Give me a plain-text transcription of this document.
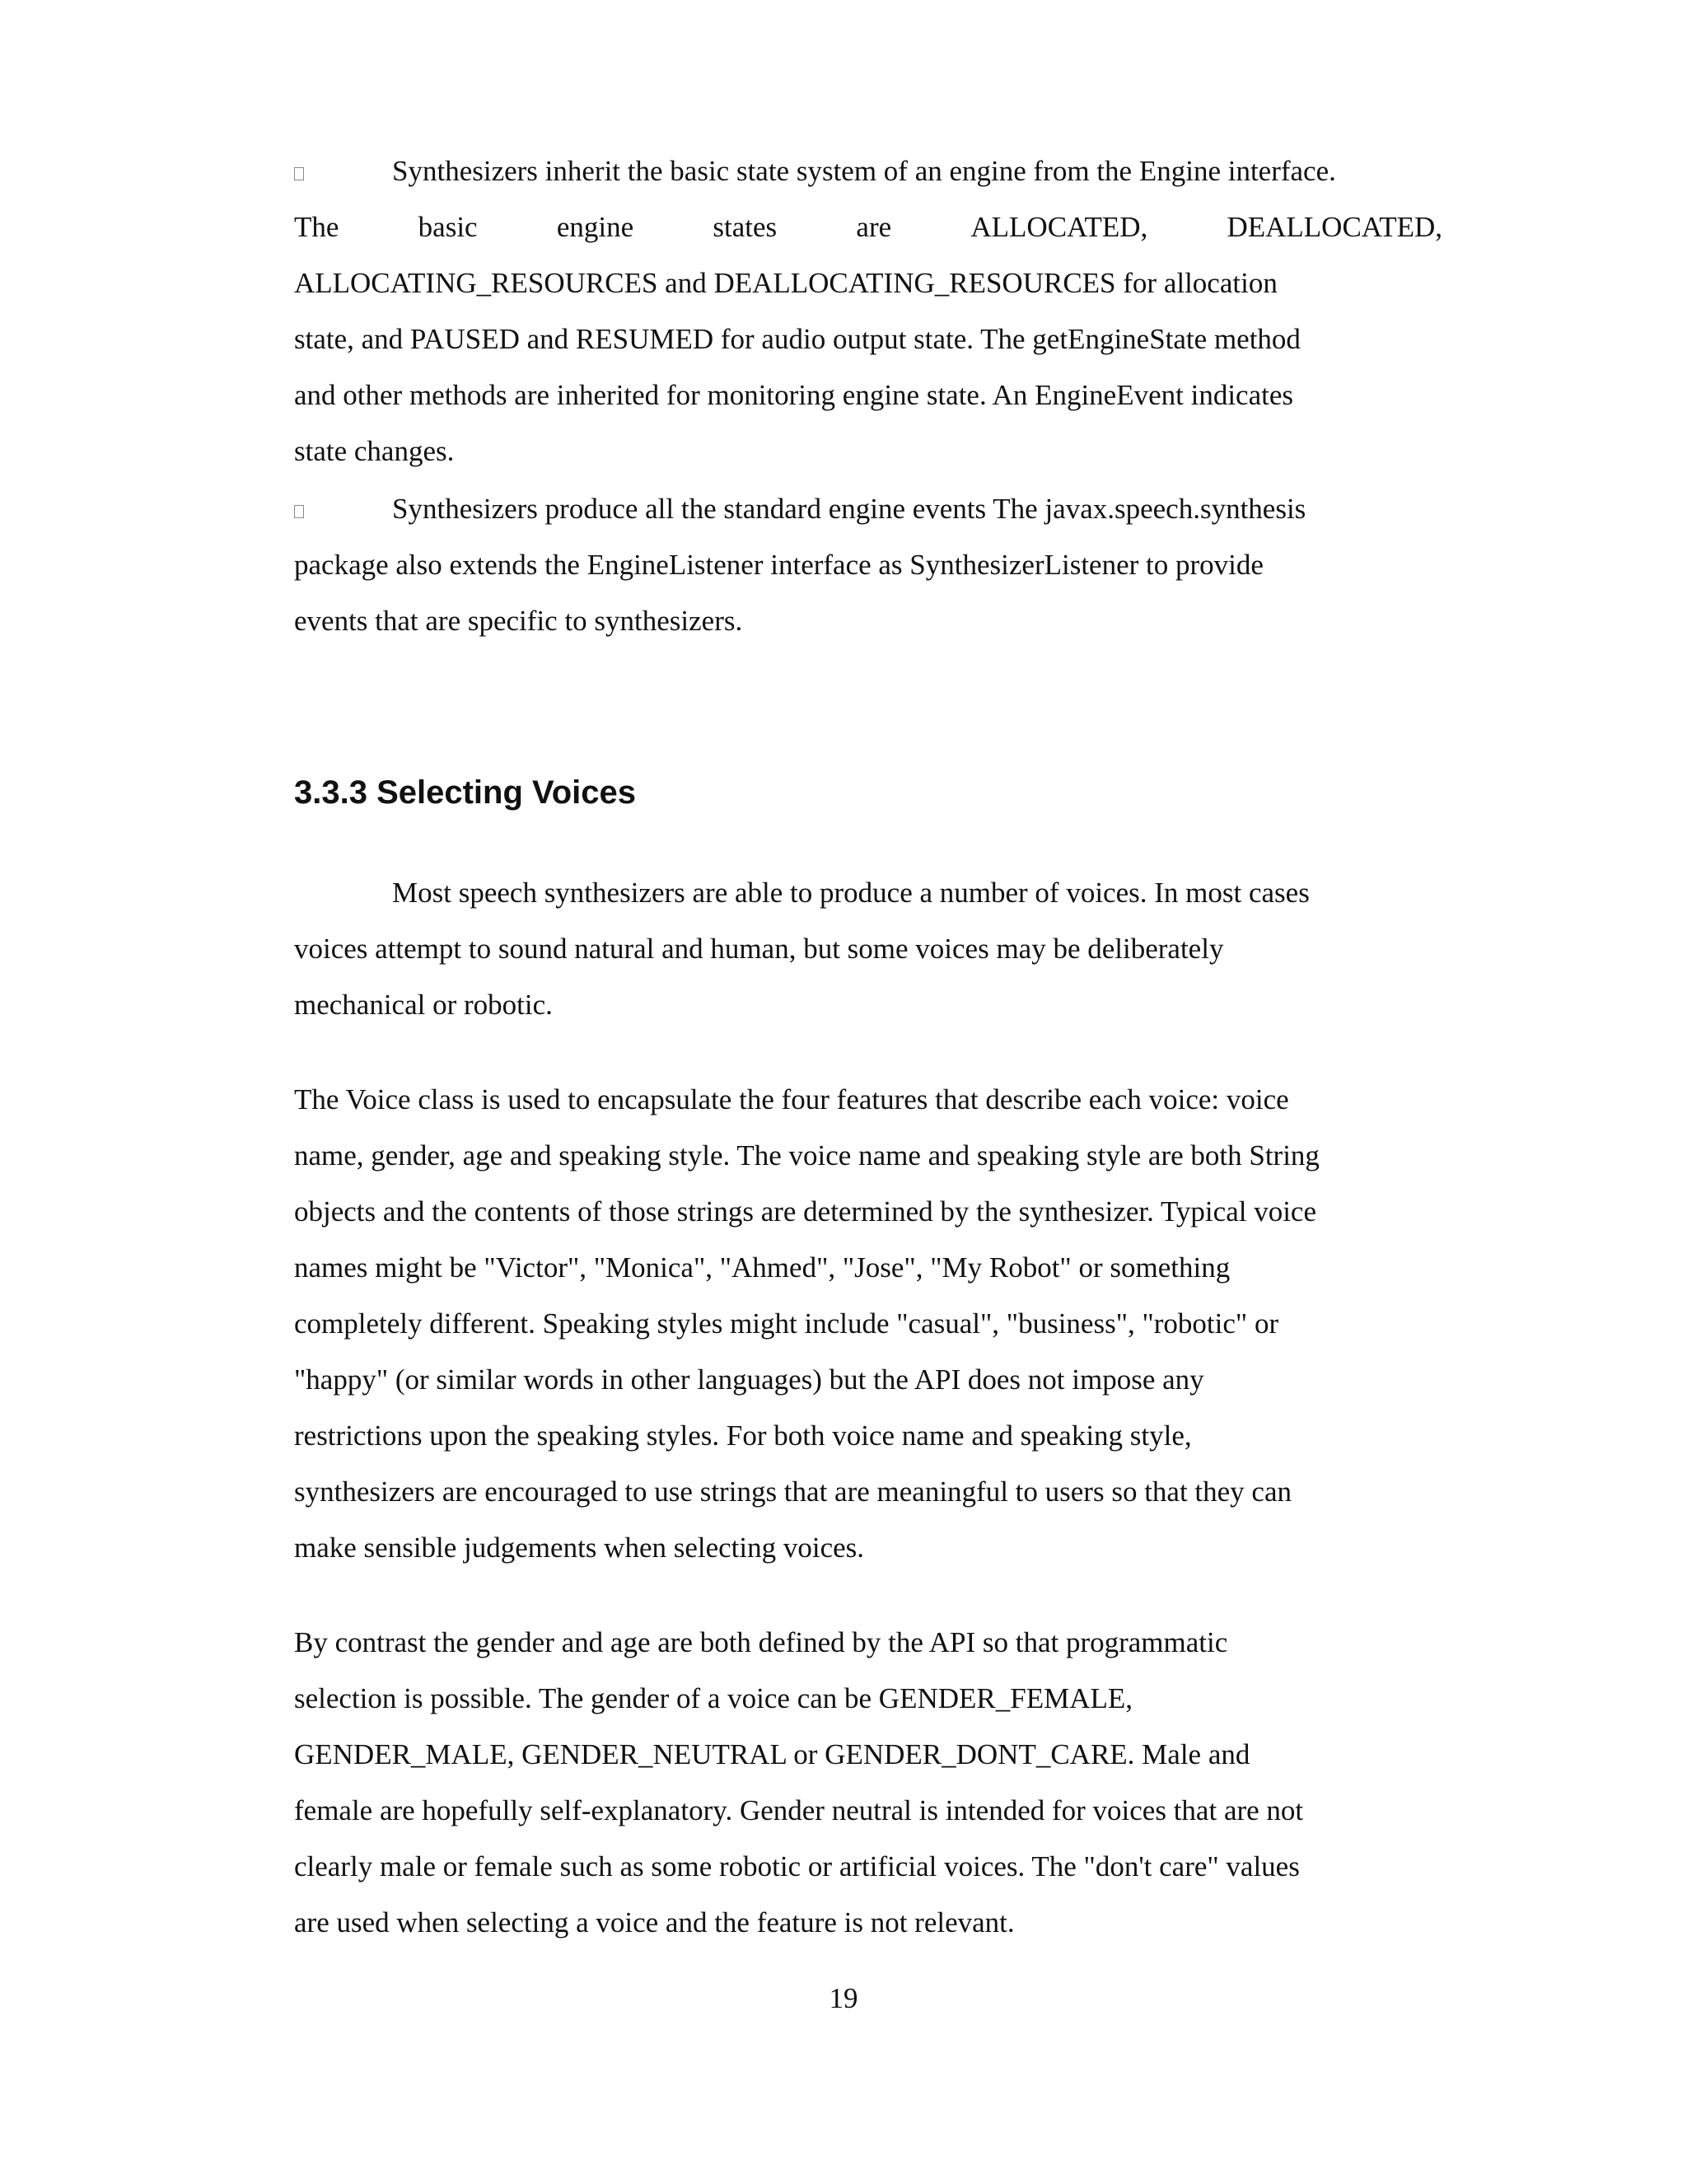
Synthesizers inherit the basic state system of an engine from the Engine interface.
The	basic	engine	states	are	ALLOCATED,	DEALLOCATED,
ALLOCATING_RESOURCES and DEALLOCATING_RESOURCES for allocation
state, and PAUSED and RESUMED for audio output state. The getEngineState method
and other methods are inherited for monitoring engine state. An EngineEvent indicates
state changes.
Synthesizers produce all the standard engine events The javax.speech.synthesis
package also extends the EngineListener interface as SynthesizerListener to provide
events that are specific to synthesizers.
3.3.3 Selecting Voices
Most speech synthesizers are able to produce a number of voices. In most cases
voices attempt to sound natural and human, but some voices may be deliberately
mechanical or robotic.
The Voice class is used to encapsulate the four features that describe each voice: voice
name, gender, age and speaking style. The voice name and speaking style are both String
objects and the contents of those strings are determined by the synthesizer. Typical voice
names might be "Victor", "Monica", "Ahmed", "Jose", "My Robot" or something
completely different. Speaking styles might include "casual", "business", "robotic" or
"happy" (or similar words in other languages) but the API does not impose any
restrictions upon the speaking styles. For both voice name and speaking style,
synthesizers are encouraged to use strings that are meaningful to users so that they can
make sensible judgements when selecting voices.
By contrast the gender and age are both defined by the API so that programmatic
selection is possible. The gender of a voice can be GENDER_FEMALE,
GENDER_MALE, GENDER_NEUTRAL or GENDER_DONT_CARE. Male and
female are hopefully self-explanatory. Gender neutral is intended for voices that are not
clearly male or female such as some robotic or artificial voices. The "don't care" values
are used when selecting a voice and the feature is not relevant.
19
